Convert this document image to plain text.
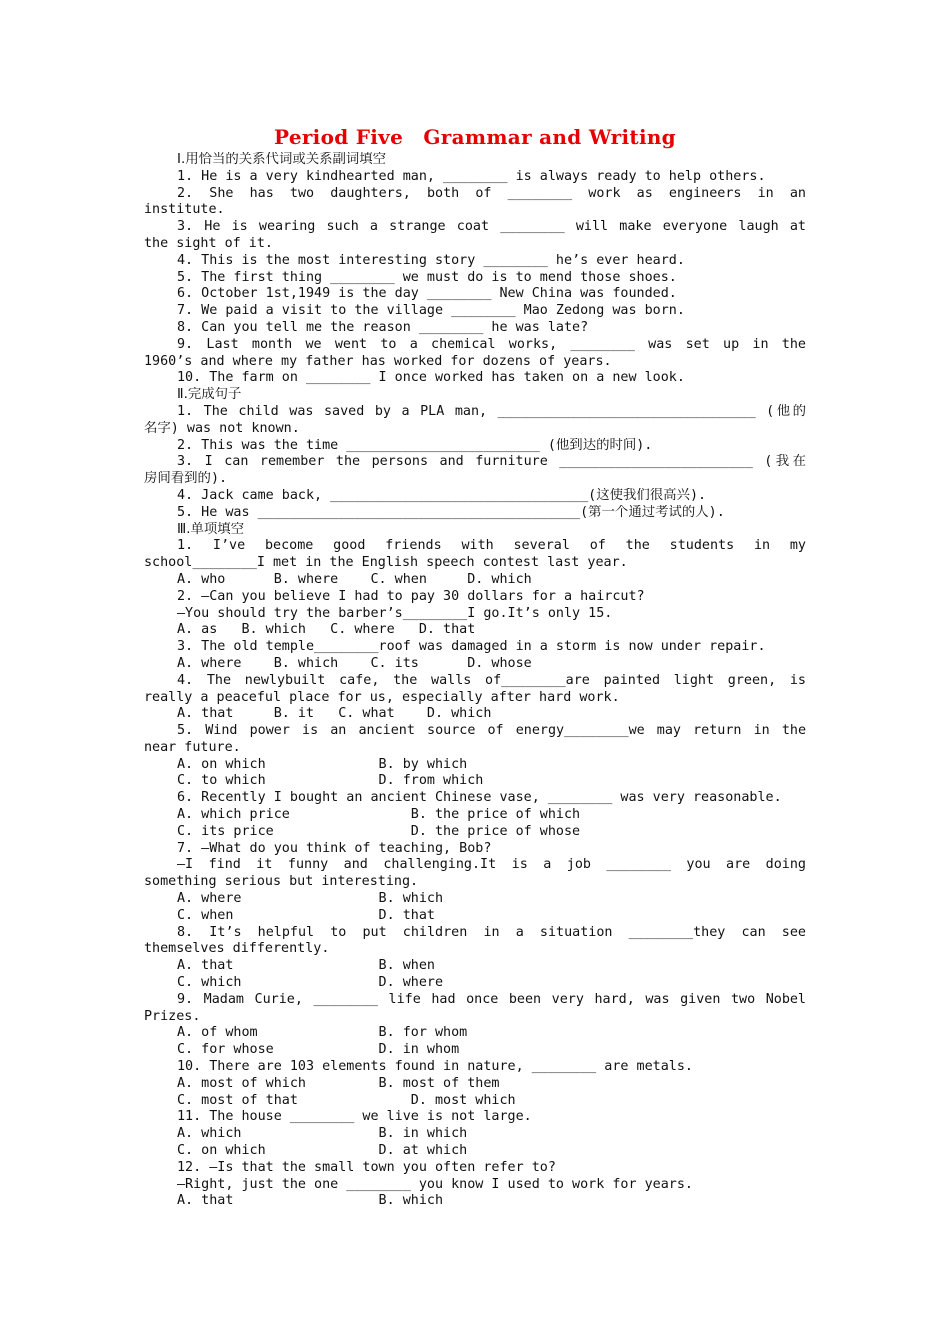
Period Five　Grammar and Writing
Ⅰ.用恰当的关系代词或关系副词填空
1. He is a very kindhearted man, ________ is always ready to help others.
2. She has two daughters, both of ________ work as engineers in an
institute.
3. He is wearing such a strange coat ________ will make everyone laugh at
the sight of it.
4. This is the most interesting story ________ he’s ever heard.
5. The first thing ________ we must do is to mend those shoes.
6. October 1st,1949 is the day ________ New China was founded.
7. We paid a visit to the village ________ Mao Zedong was born.
8. Can you tell me the reason ________ he was late?
9. Last month we went to a chemical works, ________ was set up in the
1960’s and where my father has worked for dozens of years.
10. The farm on ________ I once worked has taken on a new look.
Ⅱ.完成句子
1. The child was saved by a PLA man, ________________________________ (他的
名字) was not known.
2. This was the time ________________________ (他到达的时间).
3. I can remember the persons and furniture ________________________ (我在
房间看到的).
4. Jack came back, ________________________________(这使我们很高兴).
5. He was ________________________________________(第一个通过考试的人).
Ⅲ.单项填空
1. I’ve become good friends with several of the students in my
school________I met in the English speech contest last year.
A. who      B. where    C. when     D. which
2. —Can you believe I had to pay 30 dollars for a haircut?
—You should try the barber’s________I go.It’s only 15.
A. as   B. which   C. where   D. that
3. The old temple________roof was damaged in a storm is now under repair.
A. where    B. which    C. its      D. whose
4. The newlybuilt cafe, the walls of________are painted light green, is
really a peaceful place for us, especially after hard work.
A. that     B. it   C. what    D. which
5. Wind power is an ancient source of energy________we may return in the
near future.
A. on which              B. by which
C. to which              D. from which
6. Recently I bought an ancient Chinese vase, ________ was very reasonable.
A. which price               B. the price of which
C. its price                 D. the price of whose
7. —What do you think of teaching, Bob?
—I find it funny and challenging.It is a job ________ you are doing
something serious but interesting.
A. where                 B. which
C. when                  D. that
8. It’s helpful to put children in a situation ________they can see
themselves differently.
A. that                  B. when
C. which                 D. where
9. Madam Curie, ________ life had once been very hard, was given two Nobel
Prizes.
A. of whom               B. for whom
C. for whose             D. in whom
10. There are 103 elements found in nature, ________ are metals.
A. most of which         B. most of them
C. most of that              D. most which
11. The house ________ we live is not large.
A. which                 B. in which
C. on which              D. at which
12. —Is that the small town you often refer to?
—Right, just the one ________ you know I used to work for years.
A. that                  B. which
